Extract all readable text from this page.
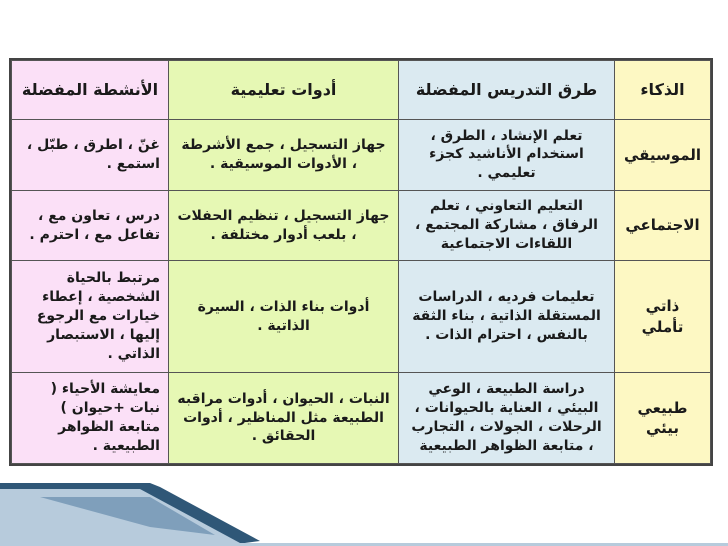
الذكاء	طرق التدريس المفضلة	أدوات تعليمية	الأنشطة المفضلة
الموسيقي	تعلم الإنشاد ، الطرق ، استخدام الأناشيد كجزء تعليمي .	جهاز التسجيل ، جمع الأشرطة ، الأدوات الموسيقية .	غنّ ، اطرق ، طبّل ، استمع .
الاجتماعي	التعليم التعاوني ، تعلم الرفاق ، مشاركة المجتمع ، اللقاءات الاجتماعية	جهاز التسجيل ، تنظيم الحفلات ، بلعب أدوار مختلفة .	درس ، تعاون مع ، تفاعل مع ، احترم .
ذاتي تأملي	تعليمات فرديه ، الدراسات المستقلة الذاتية ، بناء الثقة بالنفس ، احترام الذات .	أدوات بناء الذات ، السيرة الذاتية .	مرتبط بالحياة الشخصية ، إعطاء خيارات مع الرجوع إليها ، الاستبصار الذاتي .
طبيعي بيئي	دراسة الطبيعة ، الوعي البيئي ، العناية بالحيوانات ، الرحلات ، الجولات ، التجارب ، متابعة الظواهر الطبيعية	النبات ، الحيوان ، أدوات مراقبه الطبيعة مثل المناظير ، أدوات الحقائق .	معايشة الأحياء ( نبات +حيوان ) متابعة الظواهر الطبيعية .
